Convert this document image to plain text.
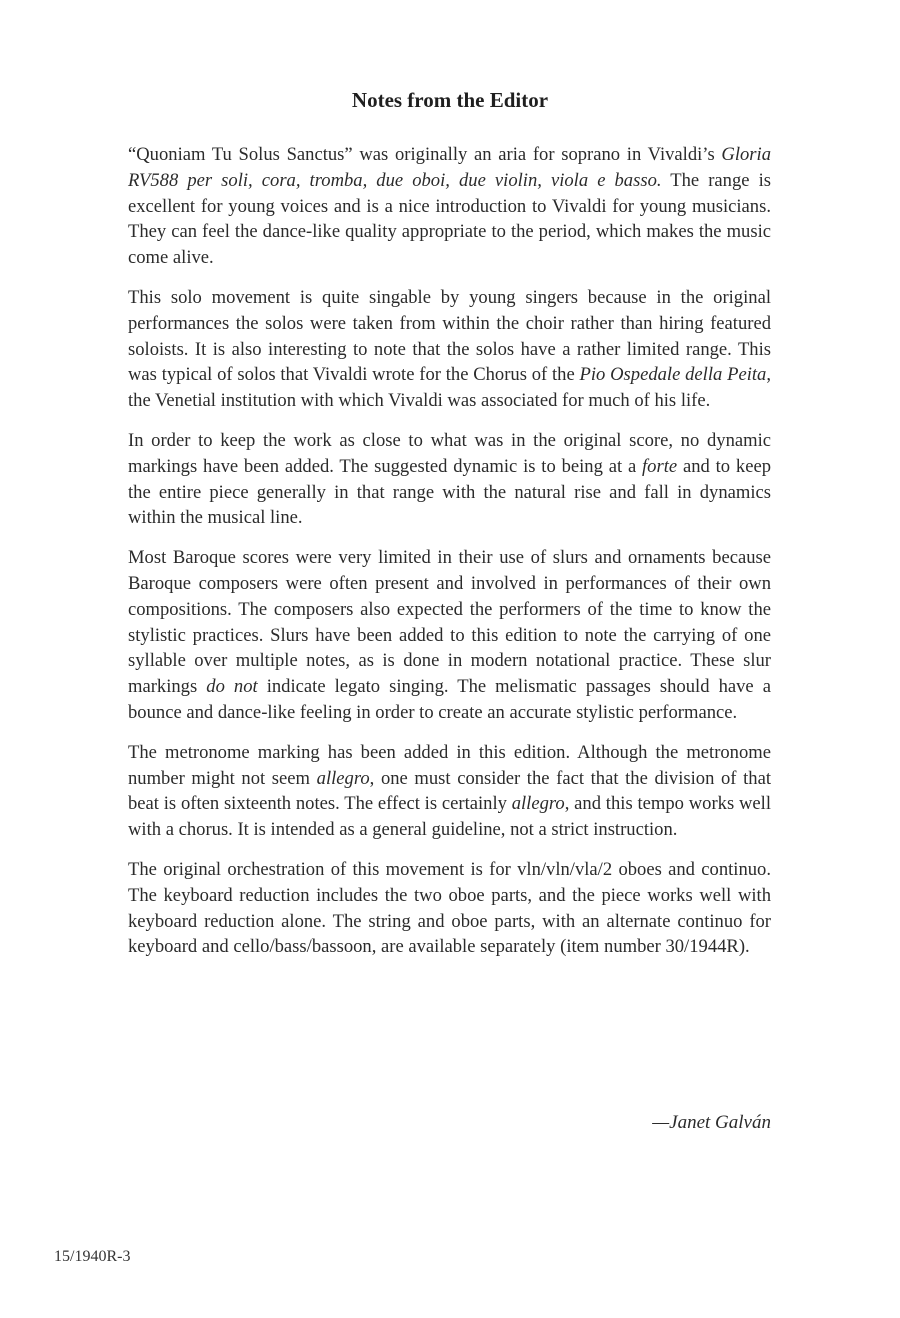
Notes from the Editor

“Quoniam Tu Solus Sanctus” was originally an aria for soprano in Vivaldi’s Gloria RV588 per soli, cora, tromba, due oboi, due violin, viola e basso. The range is excellent for young voices and is a nice introduction to Vivaldi for young musicians. They can feel the dance-like quality appropriate to the period, which makes the music come alive.

This solo movement is quite singable by young singers because in the original performances the solos were taken from within the choir rather than hiring featured soloists. It is also interesting to note that the solos have a rather limited range. This was typical of solos that Vivaldi wrote for the Chorus of the Pio Ospedale della Peita, the Venetial institution with which Vivaldi was associated for much of his life.

In order to keep the work as close to what was in the original score, no dynamic markings have been added. The suggested dynamic is to being at a forte and to keep the entire piece generally in that range with the natural rise and fall in dynamics within the musical line.

Most Baroque scores were very limited in their use of slurs and ornaments because Baroque composers were often present and involved in performances of their own compositions. The composers also expected the performers of the time to know the stylistic practices. Slurs have been added to this edition to note the carrying of one syllable over multiple notes, as is done in modern notational practice. These slur markings do not indicate legato singing. The melismatic passages should have a bounce and dance-like feeling in order to create an accurate stylistic performance.

The metronome marking has been added in this edition. Although the metronome number might not seem allegro, one must consider the fact that the division of that beat is often sixteenth notes. The effect is certainly allegro, and this tempo works well with a chorus. It is intended as a general guideline, not a strict instruction.

The original orchestration of this movement is for vln/vln/vla/2 oboes and continuo. The keyboard reduction includes the two oboe parts, and the piece works well with keyboard reduction alone. The string and oboe parts, with an alternate continuo for keyboard and cello/bass/bassoon, are available separately (item number 30/1944R).

—Janet Galván
15/1940R-3
